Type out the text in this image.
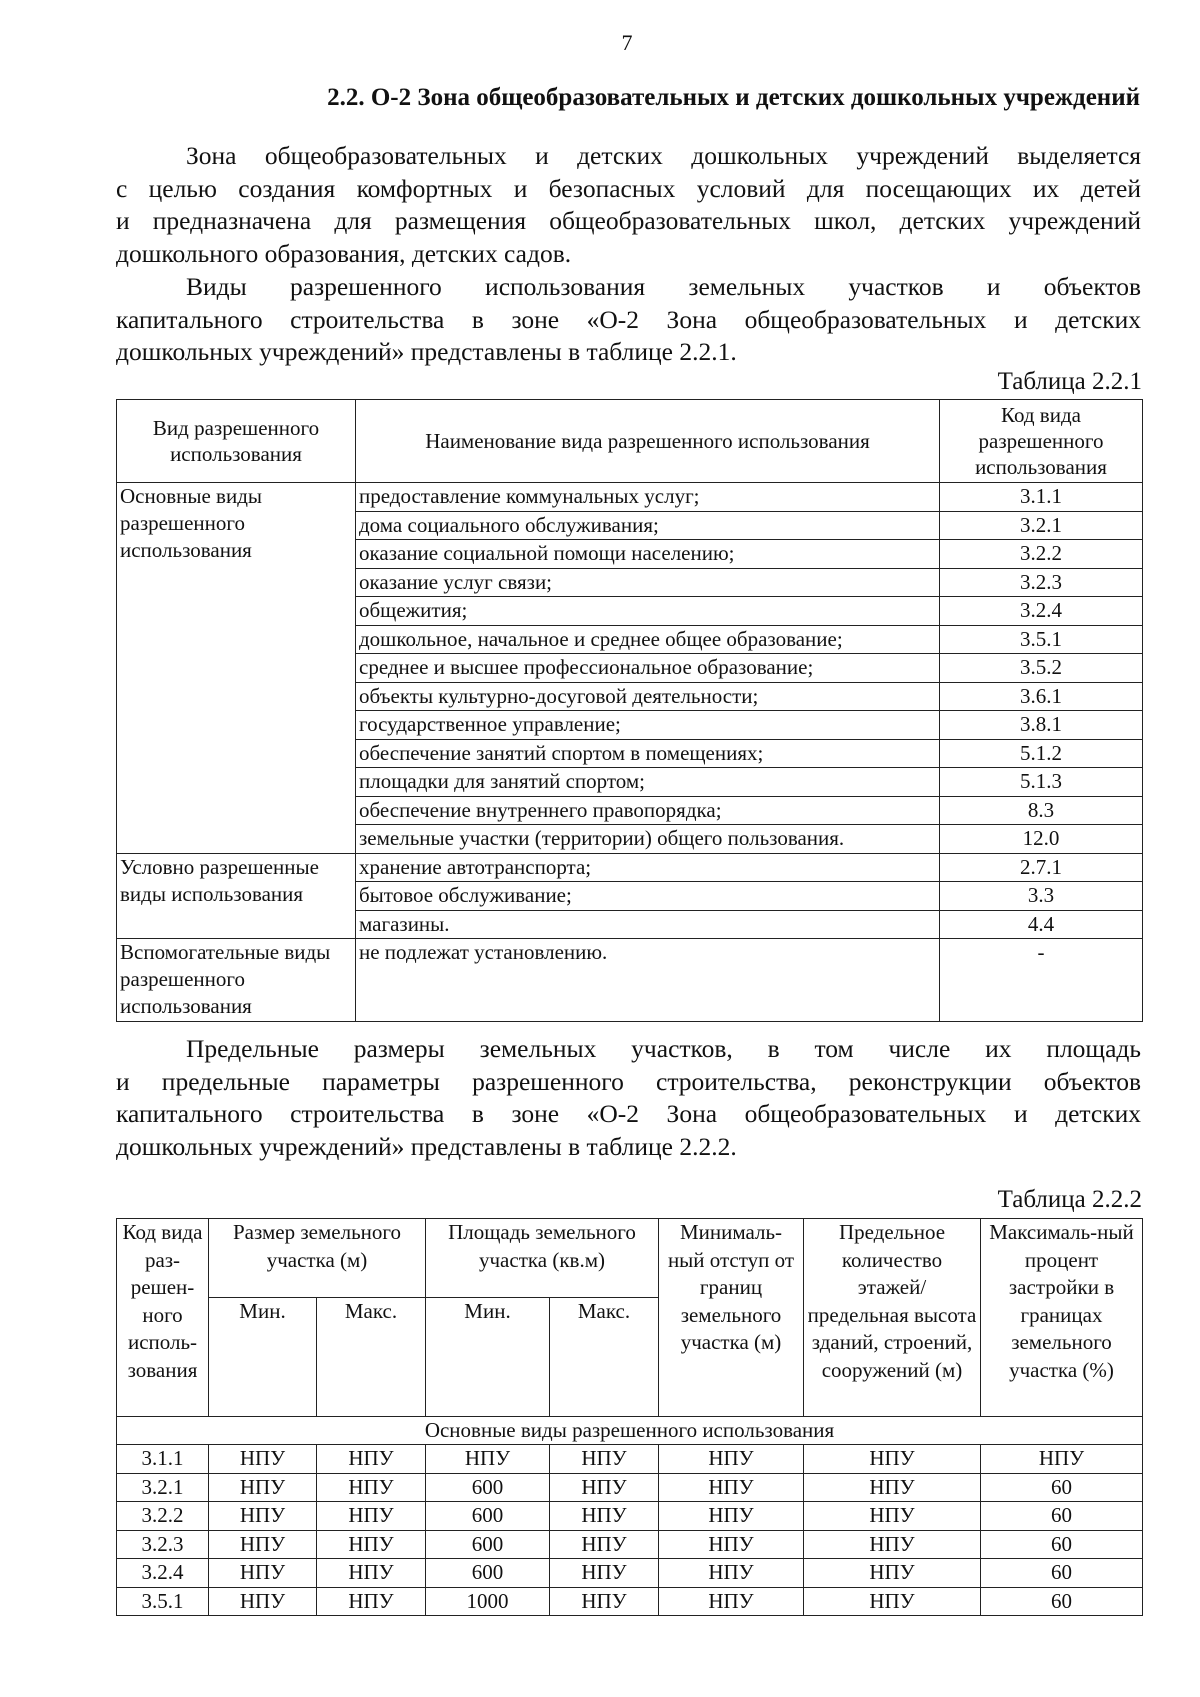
7
2.2. О-2 Зона общеобразовательных и детских дошкольных учреждений
Зона общеобразовательных и детских дошкольных учреждений выделяется
с целью создания комфортных и безопасных условий для посещающих их детей
и предназначена для размещения общеобразовательных школ, детских учреждений
дошкольного образования, детских садов.
Виды разрешенного использования земельных участков и объектов
капитального строительства в зоне «О-2 Зона общеобразовательных и детских
дошкольных учреждений» представлены в таблице 2.2.1.
Таблица 2.2.1
Вид разрешенного использования	Наименование вида разрешенного использования	Код вида разрешенного использования
Основные виды разрешенного использования	предоставление коммунальных услуг;	3.1.1
	дома социального обслуживания;	3.2.1
	оказание социальной помощи населению;	3.2.2
	оказание услуг связи;	3.2.3
	общежития;	3.2.4
	дошкольное, начальное и среднее общее образование;	3.5.1
	среднее и высшее профессиональное образование;	3.5.2
	объекты культурно-досуговой деятельности;	3.6.1
	государственное управление;	3.8.1
	обеспечение занятий спортом в помещениях;	5.1.2
	площадки для занятий спортом;	5.1.3
	обеспечение внутреннего правопорядка;	8.3
	земельные участки (территории) общего пользования.	12.0
Условно разрешенные виды использования	хранение автотранспорта;	2.7.1
	бытовое обслуживание;	3.3
	магазины.	4.4
Вспомогательные виды разрешенного использования	не подлежат установлению.	-
Предельные размеры земельных участков, в том числе их площадь
и предельные параметры разрешенного строительства, реконструкции объектов
капитального строительства в зоне «О-2 Зона общеобразовательных и детских
дошкольных учреждений» представлены в таблице 2.2.2.
Таблица 2.2.2
Код вида раз-решен-ного исполь-зования	Размер земельного участка (м)		Площадь земельного участка (кв.м)		Минималь-ный отступ от границ земельного участка (м)	Предельное количество этажей/ предельная высота зданий, строений, сооружений (м)	Максималь-ный процент застройки в границах земельного участка (%)
	Мин.	Макс.	Мин.	Макс.			
Основные виды разрешенного использования							
3.1.1	НПУ	НПУ	НПУ	НПУ	НПУ	НПУ	НПУ
3.2.1	НПУ	НПУ	600	НПУ	НПУ	НПУ	60
3.2.2	НПУ	НПУ	600	НПУ	НПУ	НПУ	60
3.2.3	НПУ	НПУ	600	НПУ	НПУ	НПУ	60
3.2.4	НПУ	НПУ	600	НПУ	НПУ	НПУ	60
3.5.1	НПУ	НПУ	1000	НПУ	НПУ	НПУ	60
